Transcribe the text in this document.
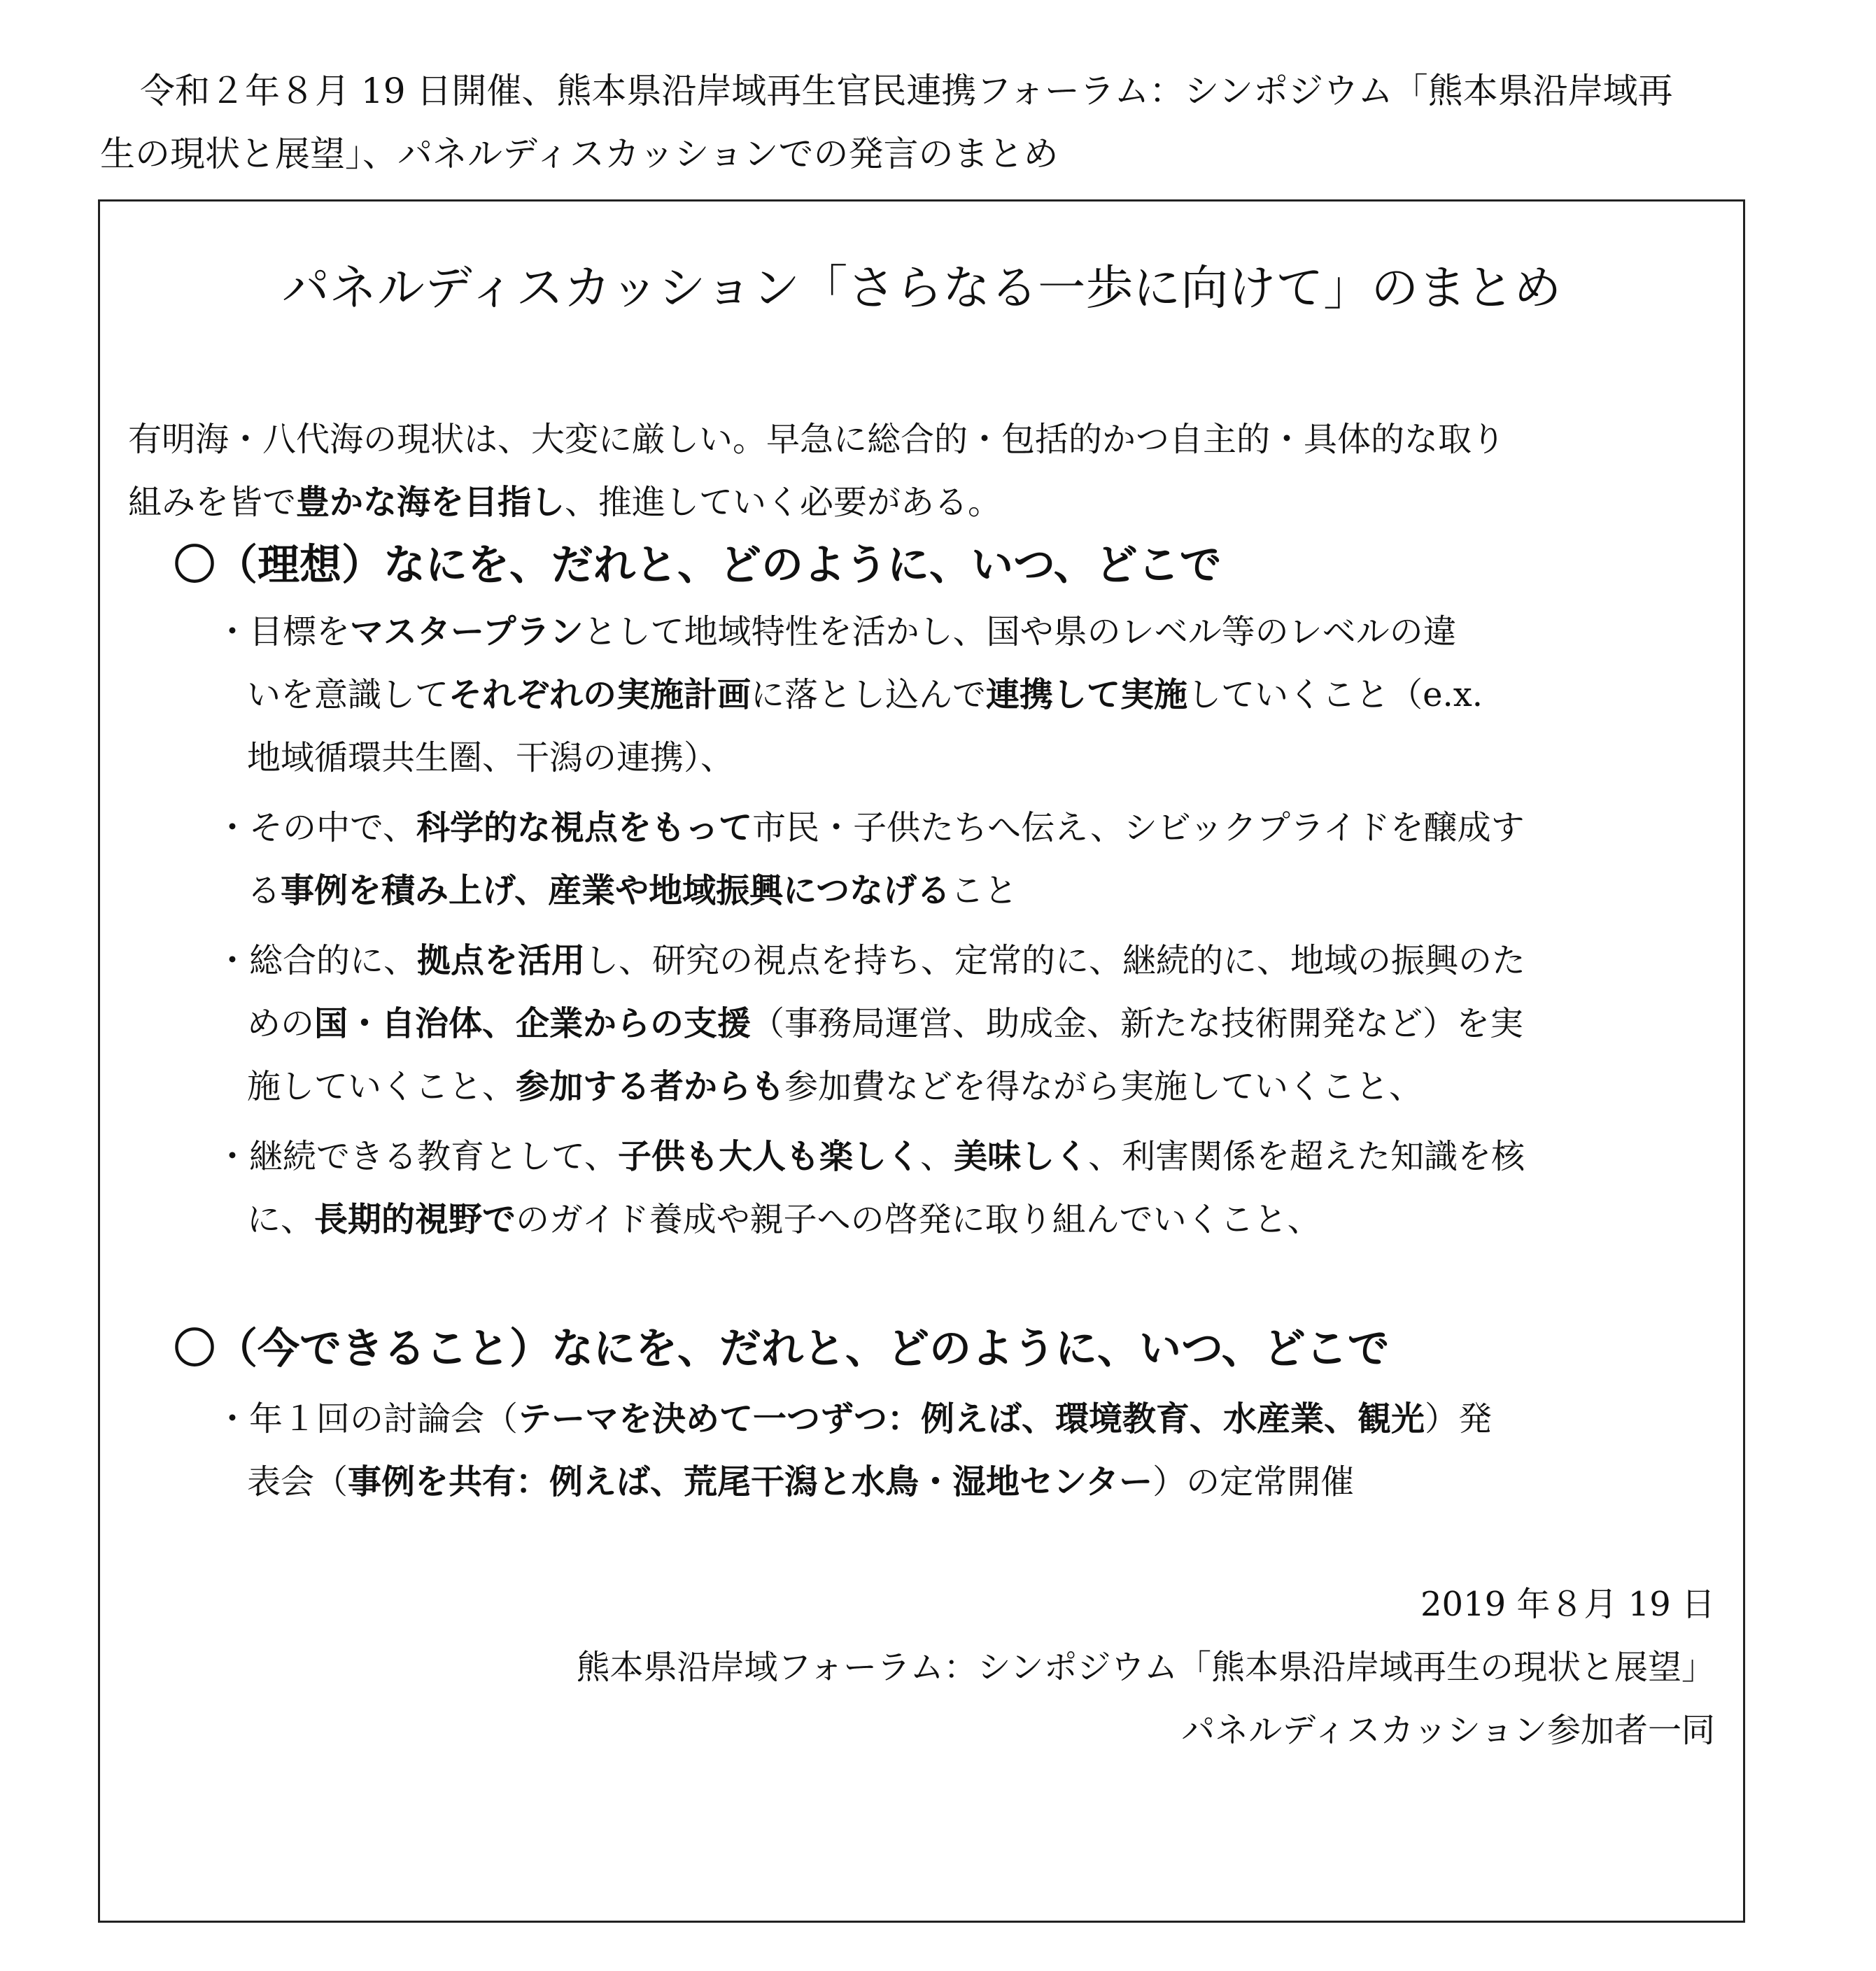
令和２年８月 19 日開催、熊本県沿岸域再生官民連携フォーラム：シンポジウム「熊本県沿岸域再
生の現状と展望」、パネルディスカッションでの発言のまとめ
パネルディスカッション「さらなる一歩に向けて」のまとめ
有明海・八代海の現状は、大変に厳しい。早急に総合的・包括的かつ自主的・具体的な取り
組みを皆で豊かな海を目指し、推進していく必要がある。
〇（理想）なにを、だれと、どのように、いつ、どこで
・目標をマスタープランとして地域特性を活かし、国や県のレベル等のレベルの違
いを意識してそれぞれの実施計画に落とし込んで連携して実施していくこと（e.x.
地域循環共生圏、干潟の連携）、
・その中で、科学的な視点をもって市民・子供たちへ伝え、シビックプライドを醸成す
る事例を積み上げ、産業や地域振興につなげること
・総合的に、拠点を活用し、研究の視点を持ち、定常的に、継続的に、地域の振興のた
めの国・自治体、企業からの支援（事務局運営、助成金、新たな技術開発など）を実
施していくこと、参加する者からも参加費などを得ながら実施していくこと、
・継続できる教育として、子供も大人も楽しく、美味しく、利害関係を超えた知識を核
に、長期的視野でのガイド養成や親子への啓発に取り組んでいくこと、
〇（今できること）なにを、だれと、どのように、いつ、どこで
・年１回の討論会（テーマを決めて一つずつ：例えば、環境教育、水産業、観光）発
表会（事例を共有：例えば、荒尾干潟と水鳥・湿地センター）の定常開催
2019 年８月 19 日
熊本県沿岸域フォーラム：シンポジウム「熊本県沿岸域再生の現状と展望」
パネルディスカッション参加者一同
